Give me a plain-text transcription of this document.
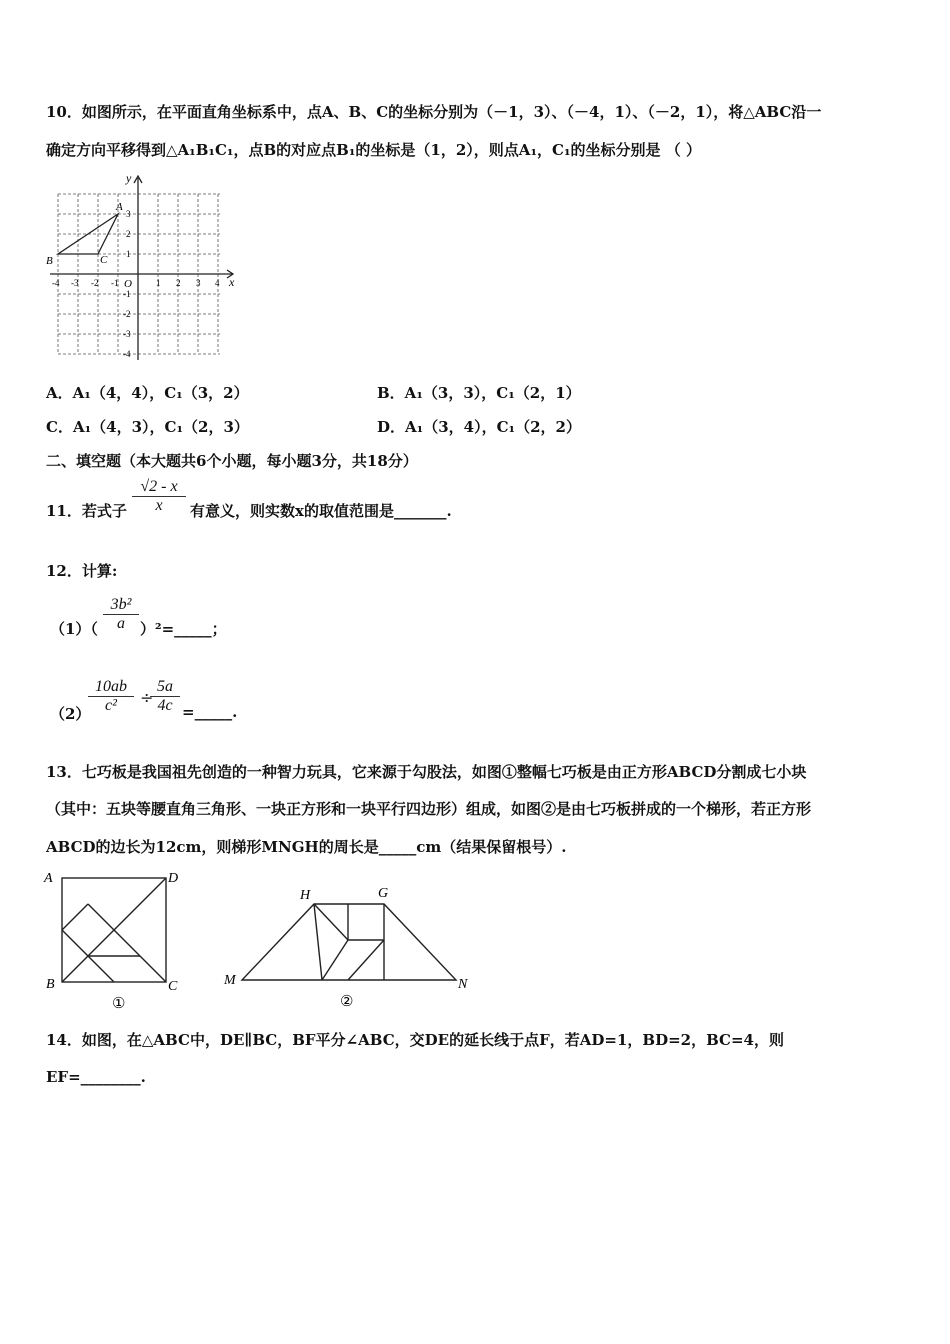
10．如图所示，在平面直角坐标系中，点A、B、C的坐标分别为（－1，3）、（－4，1）、（－2，1），将△ABC沿一
确定方向平移得到△A₁B₁C₁，点B的对应点B₁的坐标是（1，2），则点A₁，C₁的坐标分别是 （ ）
y
x
O
A
B	C
-4 -3 -2 -1	1 2 3 4
3
2
1
-1
-2
-3
-4
A．A₁（4，4），C₁（3，2）	B．A₁（3，3），C₁（2，1）
C．A₁（4，3），C₁（2，3）	D．A₁（3，4），C₁（2，2）
二、填空题（本大题共6个小题，每小题3分，共18分）
11．若式子 $\frac{√2 - x}{x}$ 有意义，则实数x的取值范围是_______.
12．计算:
$(1)( \frac{\text{3b²}}{a}$ ）²=_____；
（2）
$\frac{10ab}{\text{c²}}$ ÷
$\frac{5a}{4c}$ =_____.
13．七巧板是我国祖先创造的一种智力玩具，它来源于勾股法，如图①整幅七巧板是由正方形ABCD分割成七小块
（其中：五块等腰直角三角形、一块正方形和一块平行四边形）组成，如图②是由七巧板拼成的一个梯形，若正方形
ABCD的边长为12cm，则梯形MNGH的周长是_____cm（结果保留根号）.
A	D
B	C
①
H	G
M	N
②
14．如图，在△ABC中，DE∥BC，BF平分∠ABC，交DE的延长线于点F，若AD=1，BD=2，BC=4，则
EF=________.
